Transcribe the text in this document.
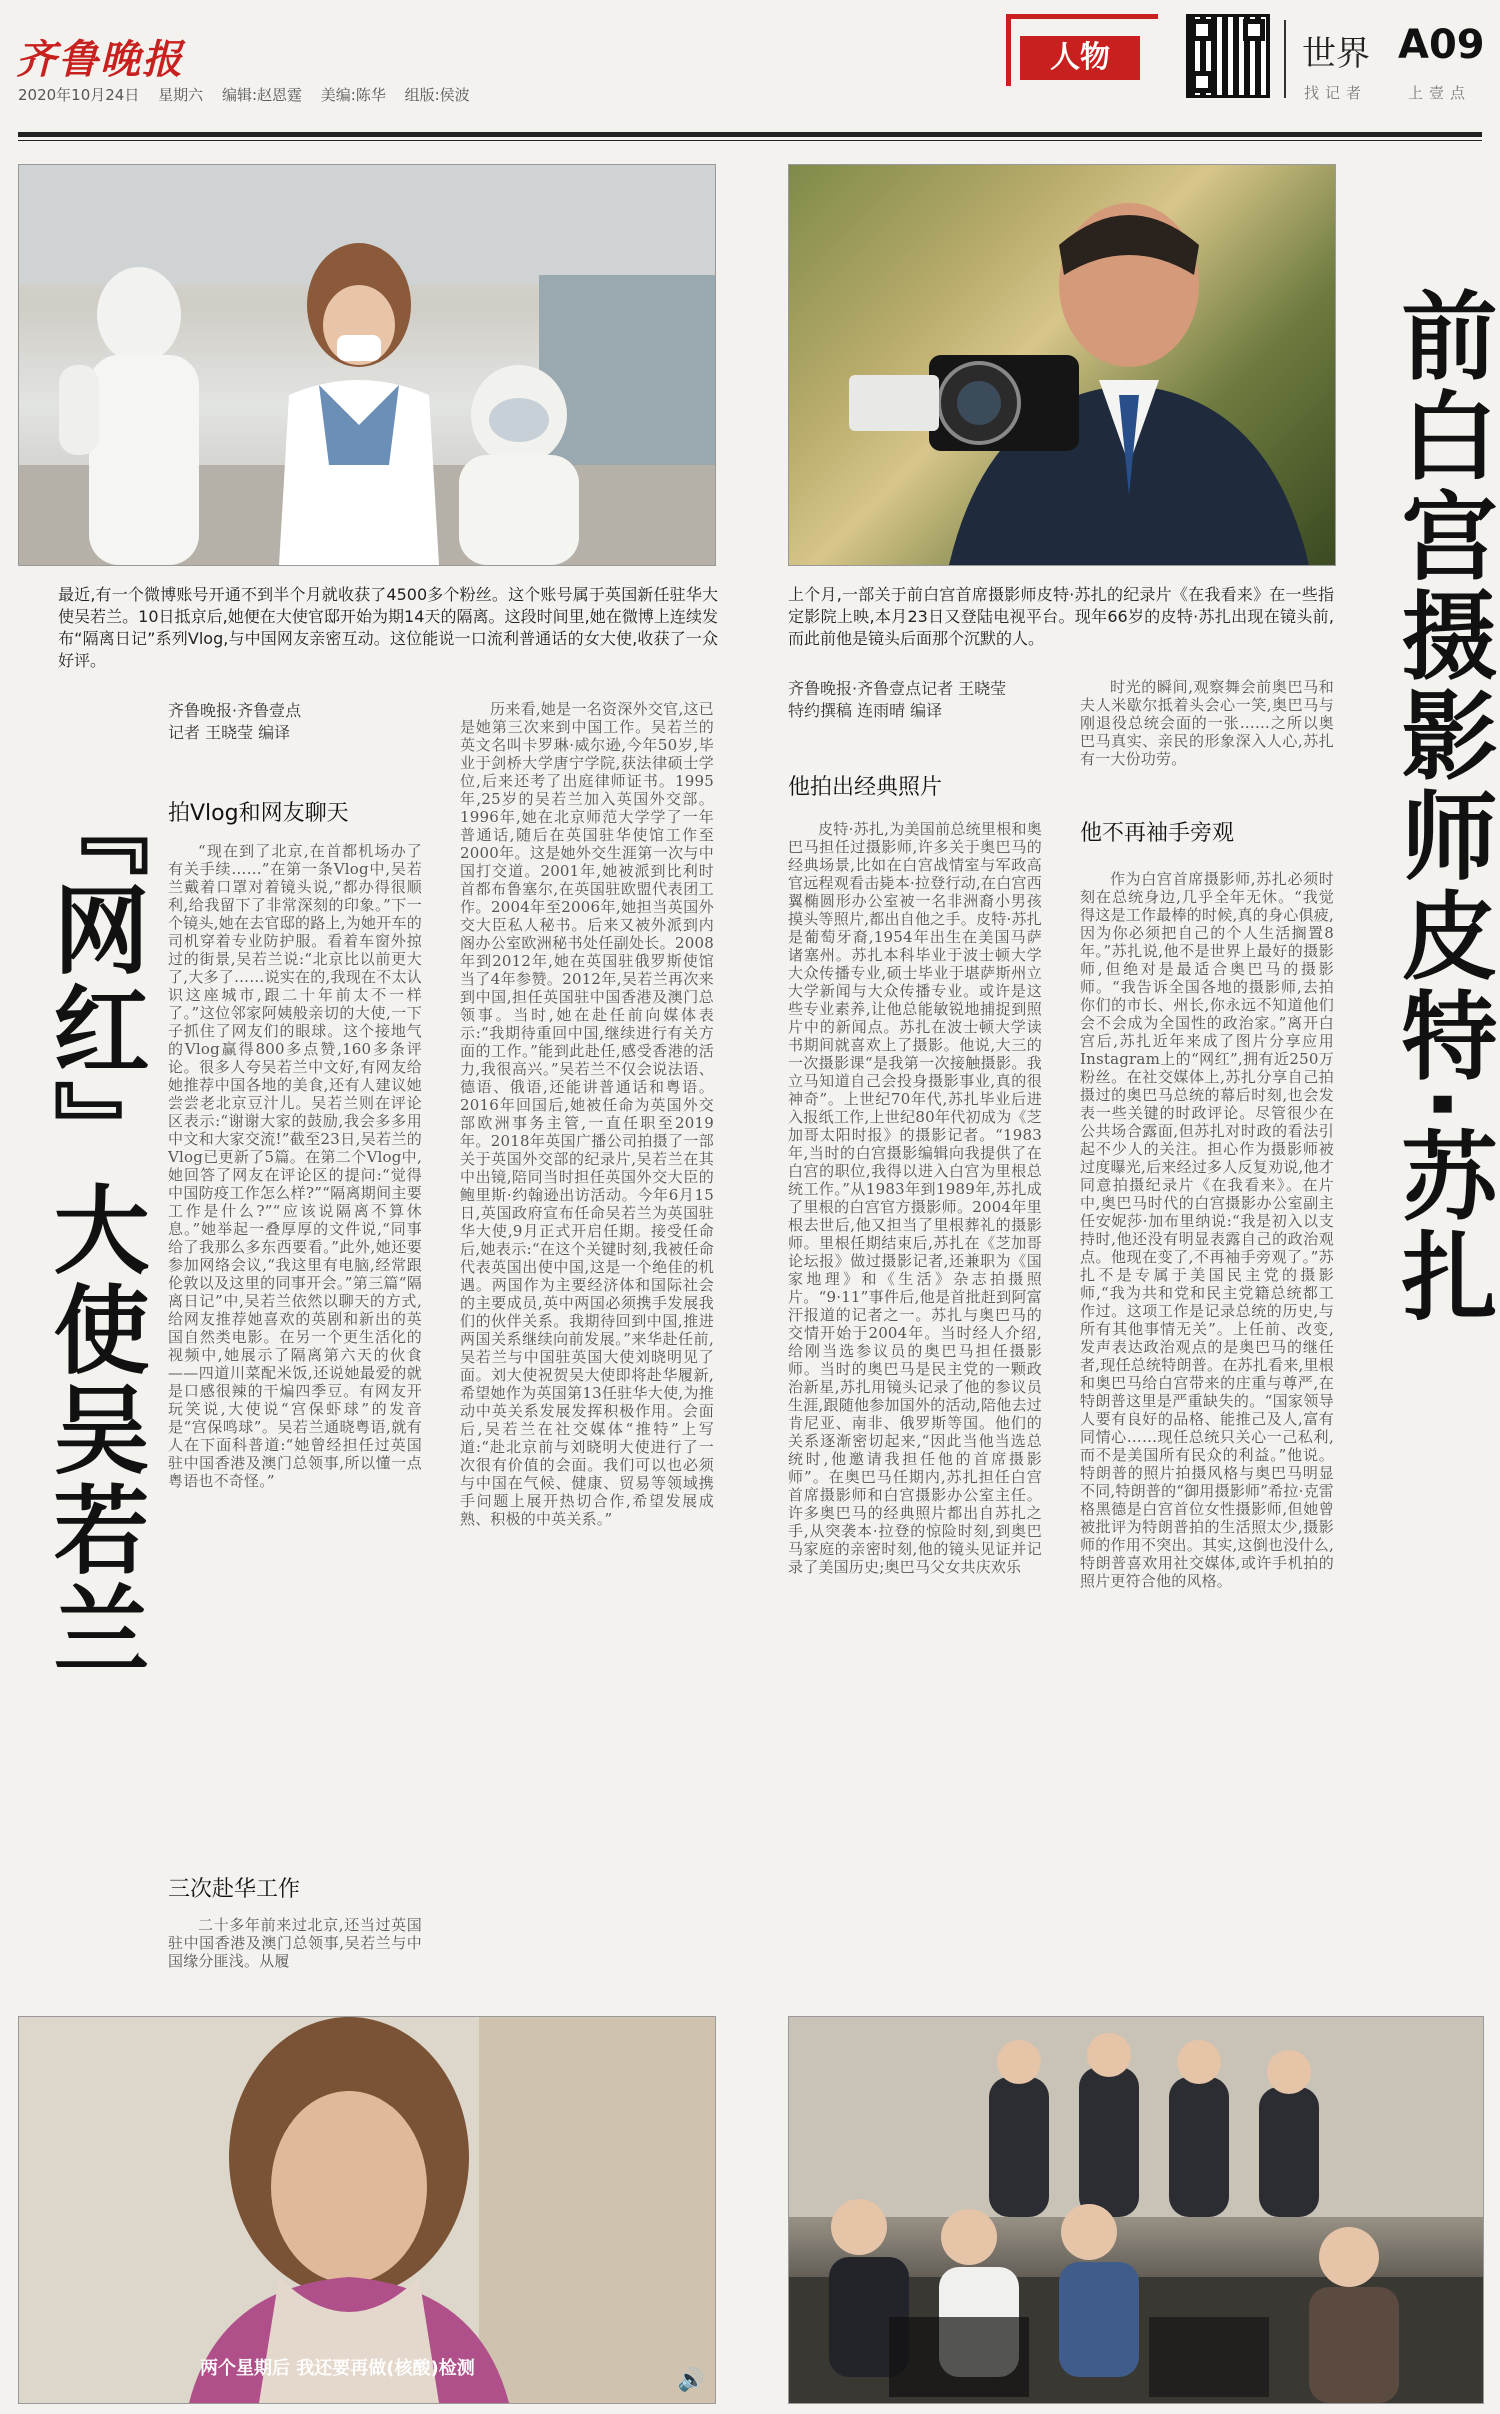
齐鲁晚报
2020年10月24日 星期六 编辑:赵恩霆 美编:陈华 组版:侯波
人物	世界 A09
找记者	上壹点
最近,有一个微博账号开通不到半个月就收获了4500多个粉丝。这个账号属于英国新任驻华大使吴若兰。10日抵京后,她便在大使官邸开始为期14天的隔离。这段时间里,她在微博上连续发布“隔离日记”系列Vlog,与中国网友亲密互动。这位能说一口流利普通话的女大使,收获了一众好评。
上个月,一部关于前白宫首席摄影师皮特·苏扎的纪录片《在我看来》在一些指定影院上映,本月23日又登陆电视平台。现年66岁的皮特·苏扎出现在镜头前,而此前他是镜头后面那个沉默的人。
『网红』大使吴若兰	前白宫摄影师皮特·苏扎
齐鲁晚报·齐鲁壹点
记者 王晓莹 编译
拍Vlog和网友聊天

“现在到了北京,在首都机场办了有关手续……”在第一条Vlog中,吴若兰戴着口罩对着镜头说,“都办得很顺利,给我留下了非常深刻的印象。”下一个镜头,她在去官邸的路上,为她开车的司机穿着专业防护服。看着车窗外掠过的街景,吴若兰说:“北京比以前更大了,大多了……说实在的,我现在不太认识这座城市,跟二十年前太不一样了。”这位邻家阿姨般亲切的大使,一下子抓住了网友们的眼球。这个接地气的Vlog赢得800多点赞,160多条评论。很多人夸吴若兰中文好,有网友给她推荐中国各地的美食,还有人建议她尝尝老北京豆汁儿。吴若兰则在评论区表示:“谢谢大家的鼓励,我会多多用中文和大家交流!”截至23日,吴若兰的Vlog已更新了5篇。在第二个Vlog中,她回答了网友在评论区的提问:“觉得中国防疫工作怎么样?”“隔离期间主要工作是什么?”“应该说隔离不算休息。”她举起一叠厚厚的文件说,“同事给了我那么多东西要看。”此外,她还要参加网络会议,“我这里有电脑,经常跟伦敦以及这里的同事开会。”第三篇“隔离日记”中,吴若兰依然以聊天的方式,给网友推荐她喜欢的英剧和新出的英国自然类电影。在另一个更生活化的视频中,她展示了隔离第六天的伙食——四道川菜配米饭,还说她最爱的就是口感很辣的干煸四季豆。有网友开玩笑说,大使说“宫保虾球”的发音是“宫保鸣球”。吴若兰通晓粤语,就有人在下面科普道:“她曾经担任过英国驻中国香港及澳门总领事,所以懂一点粤语也不奇怪。”

三次赴华工作

二十多年前来过北京,还当过英国驻中国香港及澳门总领事,吴若兰与中国缘分匪浅。从履

历来看,她是一名资深外交官,这已是她第三次来到中国工作。吴若兰的英文名叫卡罗琳·威尔逊,今年50岁,毕业于剑桥大学唐宁学院,获法律硕士学位,后来还考了出庭律师证书。1995年,25岁的吴若兰加入英国外交部。1996年,她在北京师范大学学了一年普通话,随后在英国驻华使馆工作至2000年。这是她外交生涯第一次与中国打交道。2001年,她被派到比利时首都布鲁塞尔,在英国驻欧盟代表团工作。2004年至2006年,她担当英国外交大臣私人秘书。后来又被外派到内阁办公室欧洲秘书处任副处长。2008年到2012年,她在英国驻俄罗斯使馆当了4年参赞。2012年,吴若兰再次来到中国,担任英国驻中国香港及澳门总领事。当时,她在赴任前向媒体表示:“我期待重回中国,继续进行有关方面的工作。”能到此赴任,感受香港的活力,我很高兴。”吴若兰不仅会说法语、德语、俄语,还能讲普通话和粤语。2016年回国后,她被任命为英国外交部欧洲事务主管,一直任职至2019年。2018年英国广播公司拍摄了一部关于英国外交部的纪录片,吴若兰在其中出镜,陪同当时担任英国外交大臣的鲍里斯·约翰逊出访活动。今年6月15日,英国政府宣布任命吴若兰为英国驻华大使,9月正式开启任期。接受任命后,她表示:“在这个关键时刻,我被任命代表英国出使中国,这是一个绝佳的机遇。两国作为主要经济体和国际社会的主要成员,英中两国必须携手发展我们的伙伴关系。我期待回到中国,推进两国关系继续向前发展。”来华赴任前,吴若兰与中国驻英国大使刘晓明见了面。刘大使祝贺吴大使即将赴华履新,希望她作为英国第13任驻华大使,为推动中英关系发展发挥积极作用。会面后,吴若兰在社交媒体“推特”上写道:“赴北京前与刘晓明大使进行了一次很有价值的会面。我们可以也必须与中国在气候、健康、贸易等领域携手问题上展开热切合作,希望发展成熟、积极的中英关系。”

齐鲁晚报·齐鲁壹点记者 王晓莹
特约撰稿 连雨晴 编译
他拍出经典照片

皮特·苏扎,为美国前总统里根和奥巴马担任过摄影师,许多关于奥巴马的经典场景,比如在白宫战情室与军政高官远程观看击毙本·拉登行动,在白宫西翼椭圆形办公室被一名非洲裔小男孩摸头等照片,都出自他之手。皮特·苏扎是葡萄牙裔,1954年出生在美国马萨诸塞州。苏扎本科毕业于波士顿大学大众传播专业,硕士毕业于堪萨斯州立大学新闻与大众传播专业。或许是这些专业素养,让他总能敏锐地捕捉到照片中的新闻点。苏扎在波士顿大学读书期间就喜欢上了摄影。他说,大三的一次摄影课“是我第一次接触摄影。我立马知道自己会投身摄影事业,真的很神奇”。上世纪70年代,苏扎毕业后进入报纸工作,上世纪80年代初成为《芝加哥太阳时报》的摄影记者。“1983年,当时的白宫摄影编辑向我提供了在白宫的职位,我得以进入白宫为里根总统工作。”从1983年到1989年,苏扎成了里根的白宫官方摄影师。2004年里根去世后,他又担当了里根葬礼的摄影师。里根任期结束后,苏扎在《芝加哥论坛报》做过摄影记者,还兼职为《国家地理》和《生活》杂志拍摄照片。“9·11”事件后,他是首批赶到阿富汗报道的记者之一。苏扎与奥巴马的交情开始于2004年。当时经人介绍,给刚当选参议员的奥巴马担任摄影师。当时的奥巴马是民主党的一颗政治新星,苏扎用镜头记录了他的参议员生涯,跟随他参加国外的活动,陪他去过肯尼亚、南非、俄罗斯等国。他们的关系逐渐密切起来,“因此当他当选总统时,他邀请我担任他的首席摄影师”。在奥巴马任期内,苏扎担任白宫首席摄影师和白宫摄影办公室主任。许多奥巴马的经典照片都出自苏扎之手,从突袭本·拉登的惊险时刻,到奥巴马家庭的亲密时刻,他的镜头见证并记录了美国历史;奥巴马父女共庆欢乐

时光的瞬间,观察舞会前奥巴马和夫人米歇尔抵着头会心一笑,奥巴马与刚退役总统会面的一张……之所以奥巴马真实、亲民的形象深入人心,苏扎有一大份功劳。

他不再袖手旁观

作为白宫首席摄影师,苏扎必须时刻在总统身边,几乎全年无休。“我觉得这是工作最棒的时候,真的身心俱疲,因为你必须把自己的个人生活搁置8年。”苏扎说,他不是世界上最好的摄影师,但绝对是最适合奥巴马的摄影师。“我告诉全国各地的摄影师,去拍你们的市长、州长,你永远不知道他们会不会成为全国性的政治家。”离开白宫后,苏扎近年来成了图片分享应用Instagram上的“网红”,拥有近250万粉丝。在社交媒体上,苏扎分享自己拍摄过的奥巴马总统的幕后时刻,也会发表一些关键的时政评论。尽管很少在公共场合露面,但苏扎对时政的看法引起不少人的关注。担心作为摄影师被过度曝光,后来经过多人反复劝说,他才同意拍摄纪录片《在我看来》。在片中,奥巴马时代的白宫摄影办公室副主任安妮莎·加布里纳说:“我是初入以支持时,他还没有明显表露自己的政治观点。他现在变了,不再袖手旁观了。”苏扎不是专属于美国民主党的摄影师,“我为共和党和民主党籍总统都工作过。这项工作是记录总统的历史,与所有其他事情无关”。上任前、改变,发声表达政治观点的是奥巴马的继任者,现任总统特朗普。在苏扎看来,里根和奥巴马给白宫带来的庄重与尊严,在特朗普这里是严重缺失的。“国家领导人要有良好的品格、能推己及人,富有同情心……现任总统只关心一己私利,而不是美国所有民众的利益。”他说。特朗普的照片拍摄风格与奥巴马明显不同,特朗普的“御用摄影师”希拉·克雷格黑德是白宫首位女性摄影师,但她曾被批评为特朗普拍的生活照太少,摄影师的作用不突出。其实,这倒也没什么,特朗普喜欢用社交媒体,或许手机拍的照片更符合他的风格。

🔊
两个星期后 我还要再做(核酸)检测
